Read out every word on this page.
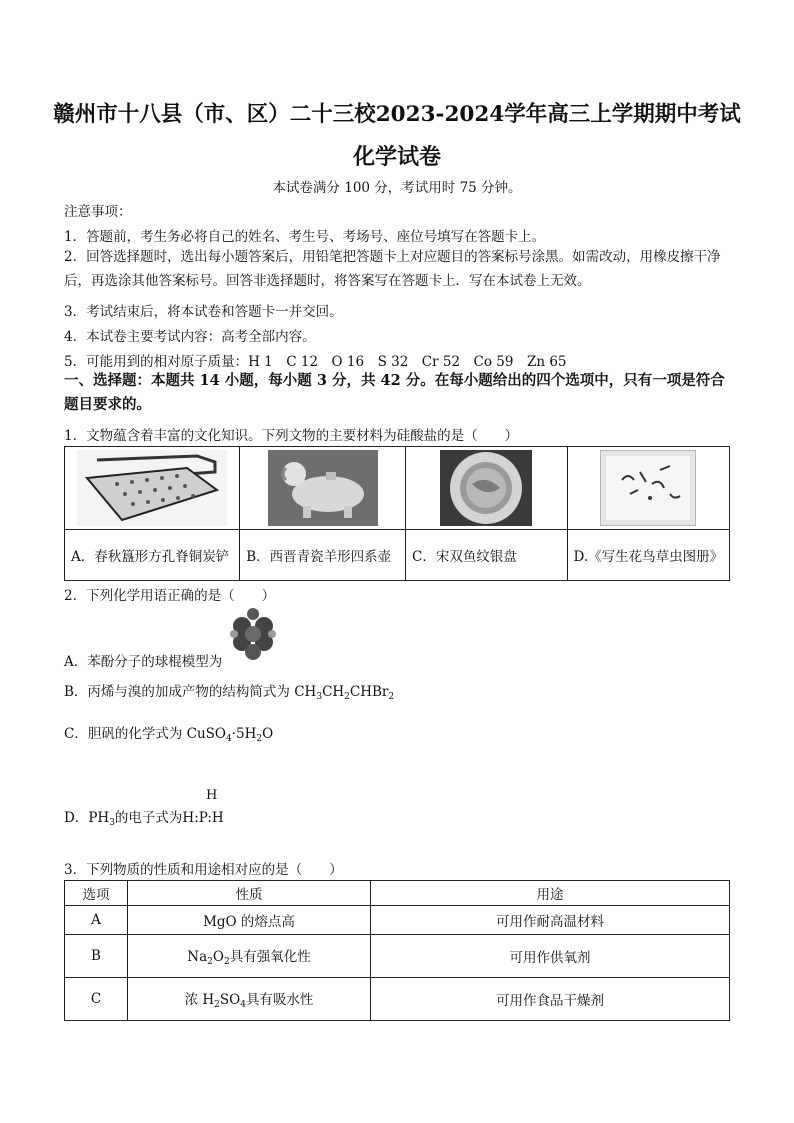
赣州市十八县（市、区）二十三校2023-2024学年高三上学期期中考试
化学试卷
本试卷满分 100 分，考试用时 75 分钟。
注意事项：
1．答题前，考生务必将自己的姓名、考生号、考场号、座位号填写在答题卡上。
2．回答选择题时，选出每小题答案后，用铅笔把答题卡上对应题目的答案标号涂黑。如需改动，用橡皮擦干净后，再选涂其他答案标号。回答非选择题时，将答案写在答题卡上．写在本试卷上无效。
3．考试结束后，将本试卷和答题卡一并交回。
4．本试卷主要考试内容：高考全部内容。
5．可能用到的相对原子质量：H 1　C 12　O 16　S 32　Cr 52　Co 59　Zn 65
一、选择题：本题共 14 小题，每小题 3 分，共 42 分。在每小题给出的四个选项中，只有一项是符合题目要求的。
1．文物蕴含着丰富的文化知识。下列文物的主要材料为硅酸盐的是（　　）

A．春秋簋形方孔脊铜炭铲	B．西晋青瓷羊形四系壶	C．宋双鱼纹银盘	D.《写生花鸟草虫图册》
2．下列化学用语正确的是（　　）
A．苯酚分子的球棍模型为
B．丙烯与溴的加成产物的结构简式为 $CH_3CH_2CHBr_2$
C．胆矾的化学式为 $CuSO_4\cdot 5H_2O$
H
D．$PH_3$的电子式为H:P:H
3．下列物质的性质和用途相对应的是（　　）
选项	性质	用途
A	MgO 的熔点高	可用作耐高温材料
B	$Na_2O_2$具有强氧化性	可用作供氧剂
C	浓 $H_2SO_4$具有吸水性	可用作食品干燥剂
